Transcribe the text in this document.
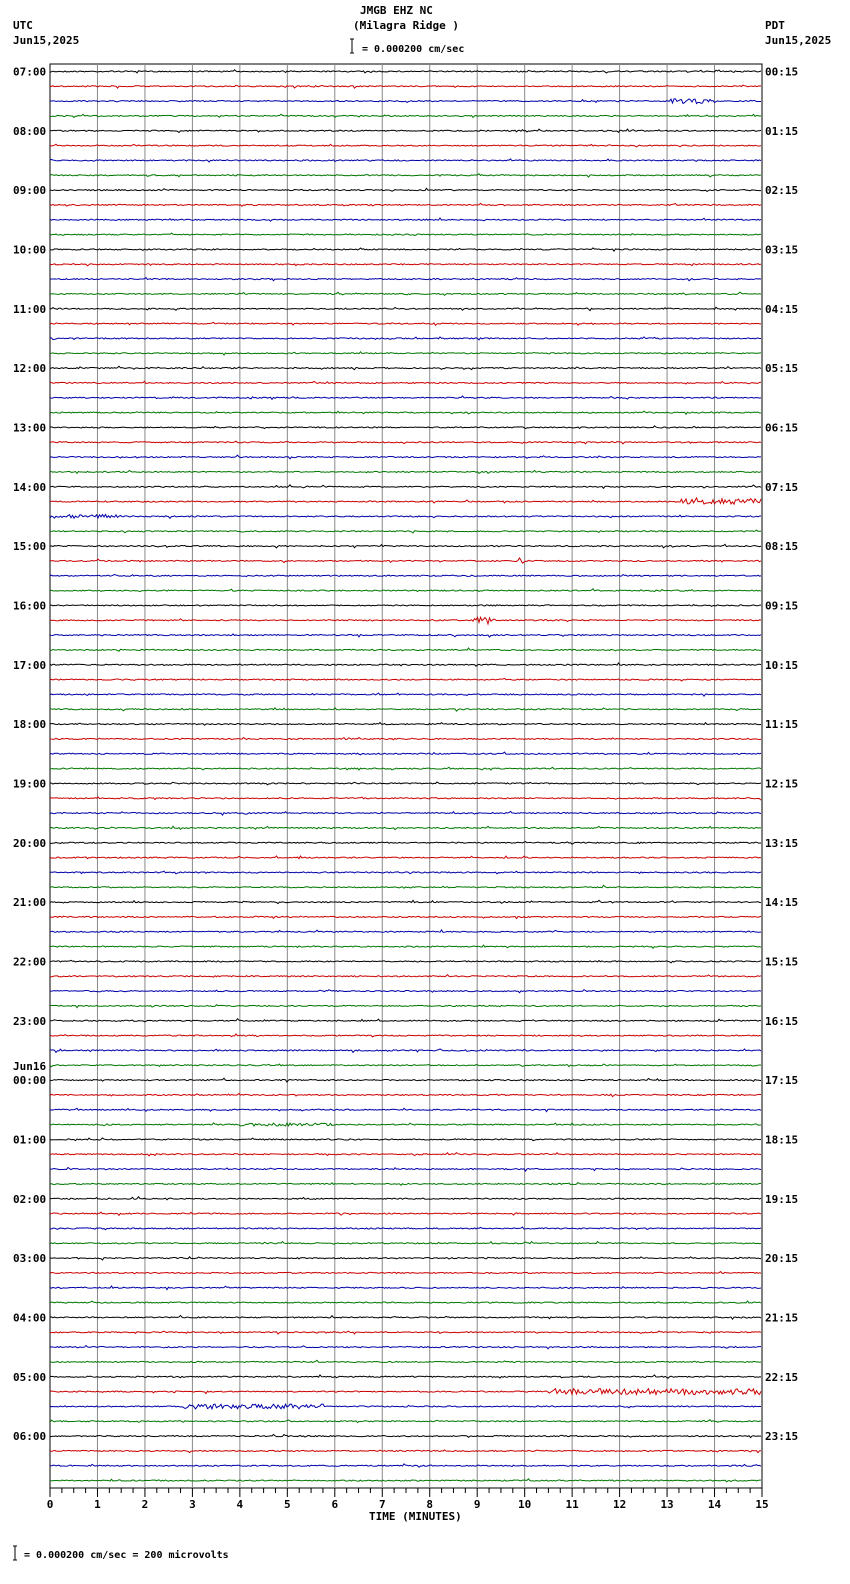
07:00
08:00
09:00
10:00
11:00
12:00
13:00
14:00
15:00
16:00
17:00
18:00
19:00
20:00
21:00
22:00
23:00
00:00
Jun16
01:00
02:00
03:00
04:00
05:00
06:00
00:15
01:15
02:15
03:15
04:15
05:15
06:15
07:15
08:15
09:15
10:15
11:15
12:15
13:15
14:15
15:15
16:15
17:15
18:15
19:15
20:15
21:15
22:15
23:15
0	1	2	3	4	5	6	7	8	9	10	11	12	13	14	15
JMGB EHZ NC
(Milagra Ridge )
= 0.000200 cm/sec
UTC
Jun15,2025
PDT
Jun15,2025
TIME (MINUTES)
= 0.000200 cm/sec = 200 microvolts
